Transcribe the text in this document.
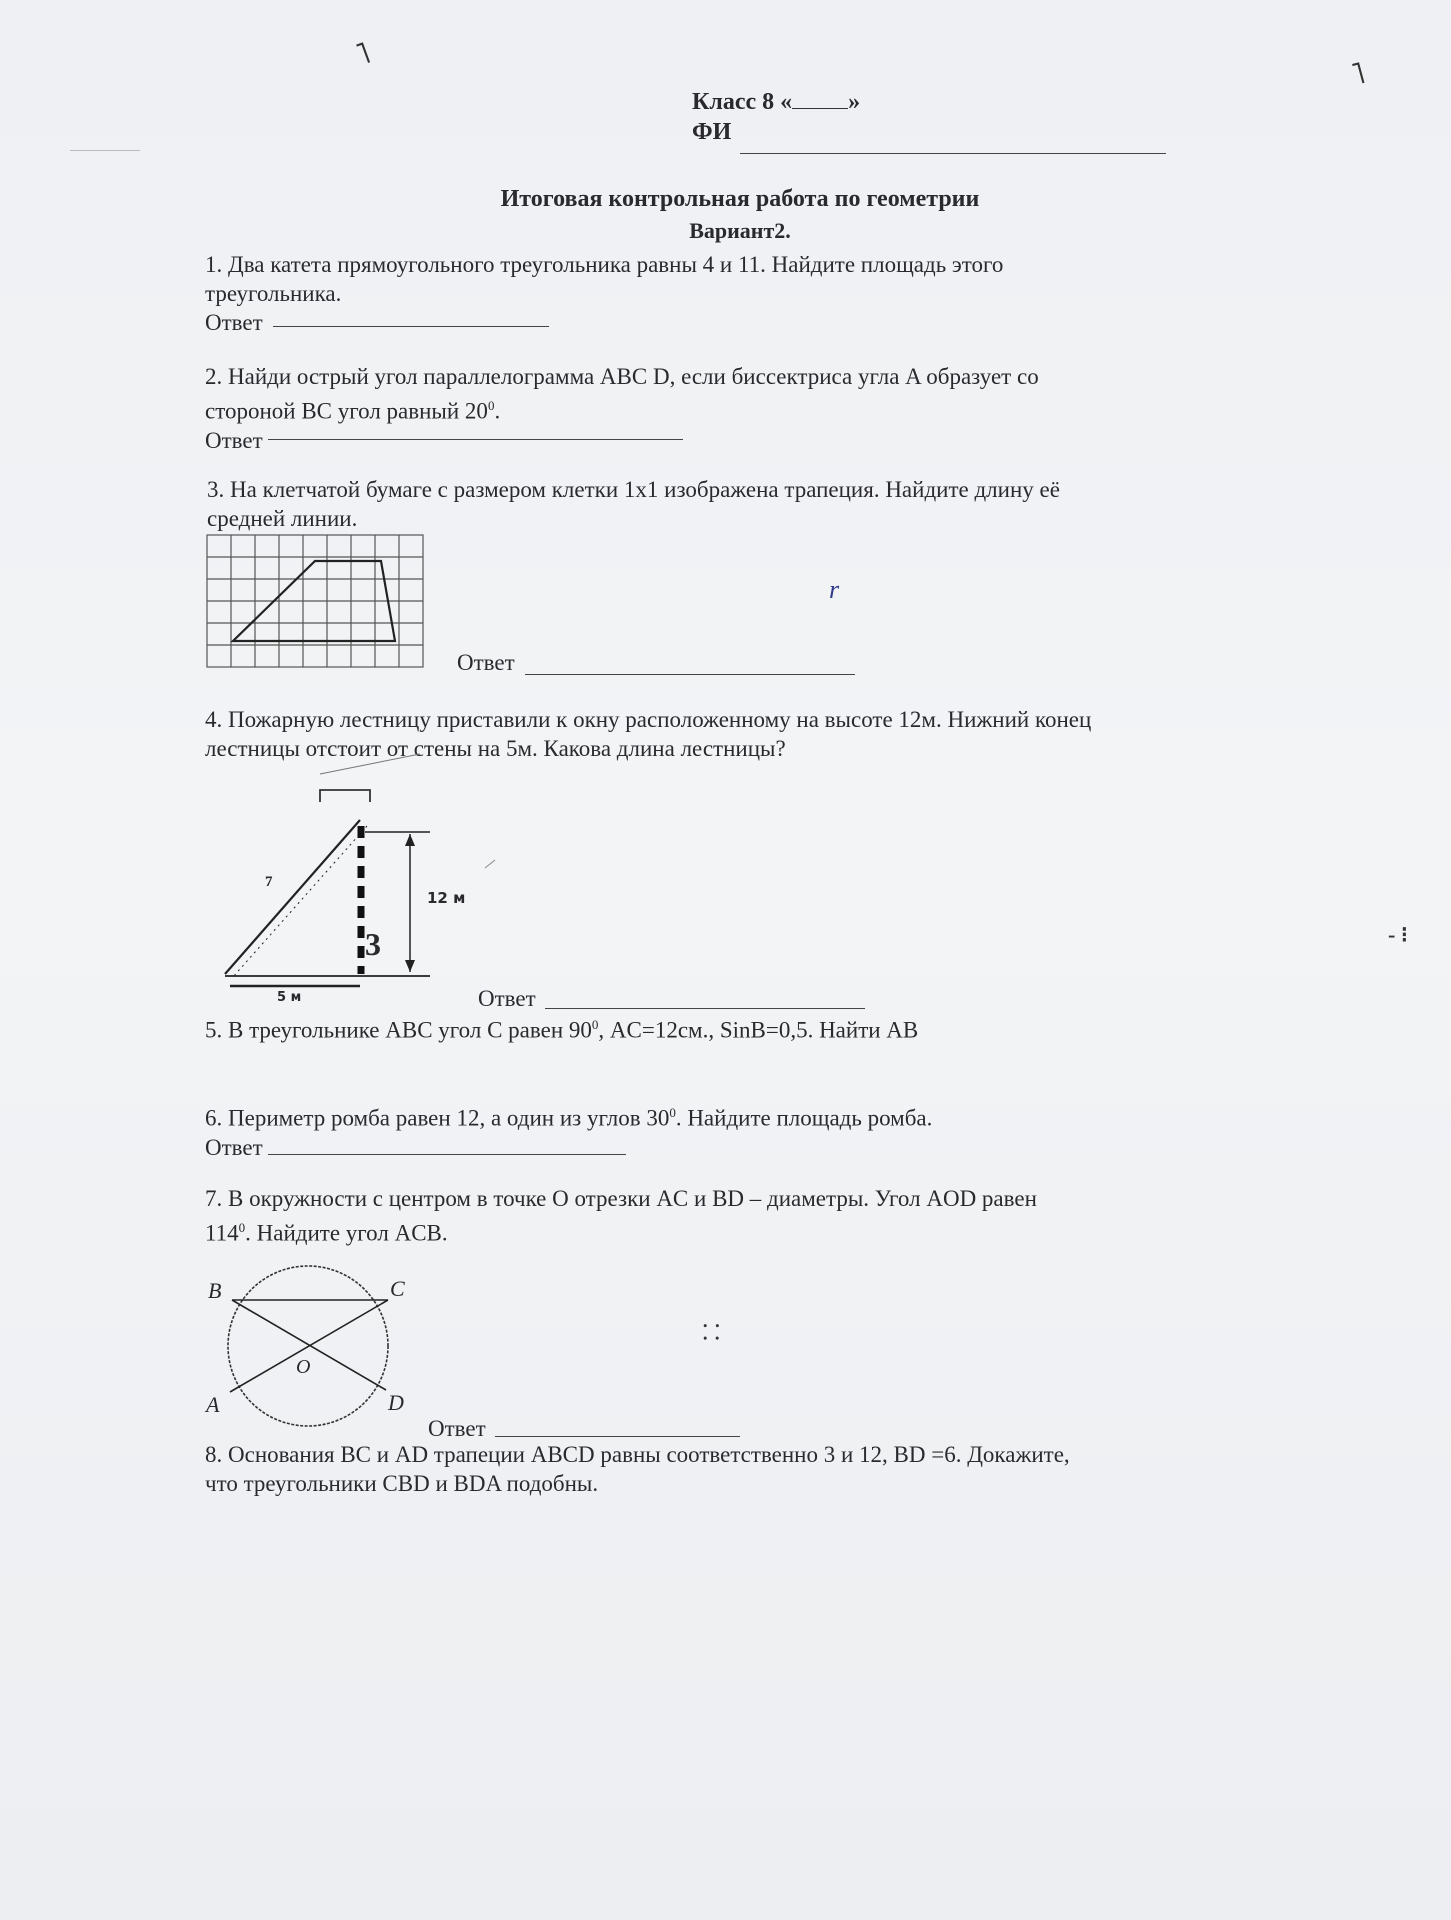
˥
˥
- ⁝
r
⸬
Класс 8 « »
ФИ
Итоговая контрольная работа по геометрии
Вариант2.
1. Два катета прямоугольного треугольника равны 4 и 11. Найдите площадь этого
треугольника.
Ответ
2. Найди острый угол параллелограмма ABC D, если биссектриса угла A образует со
стороной BC угол равный $20^0$.
Ответ
3. На клетчатой бумаге с размером клетки 1x1 изображена трапеция. Найдите длину её
средней линии.
Ответ
4. Пожарную лестницу приставили к окну расположенному на высоте 12м. Нижний конец
лестницы отстоит от стены на 5м. Какова длина лестницы?
12 м
5 м
7
3
Ответ
5. В треугольнике ABC угол C равен $90^0$, AC=12см., SinB=0,5. Найти AB
6. Периметр ромба равен 12, а один из углов $30^0$. Найдите площадь ромба.
Ответ
7. В окружности с центром в точке О отрезки AC и BD – диаметры. Угол AOD равен
$114^0$. Найдите угол ACB.
B	C
A	D
O
Ответ
8. Основания BC и AD трапеции ABCD равны соответственно 3 и 12, BD =6. Докажите,
что треугольники CBD и BDA подобны.
